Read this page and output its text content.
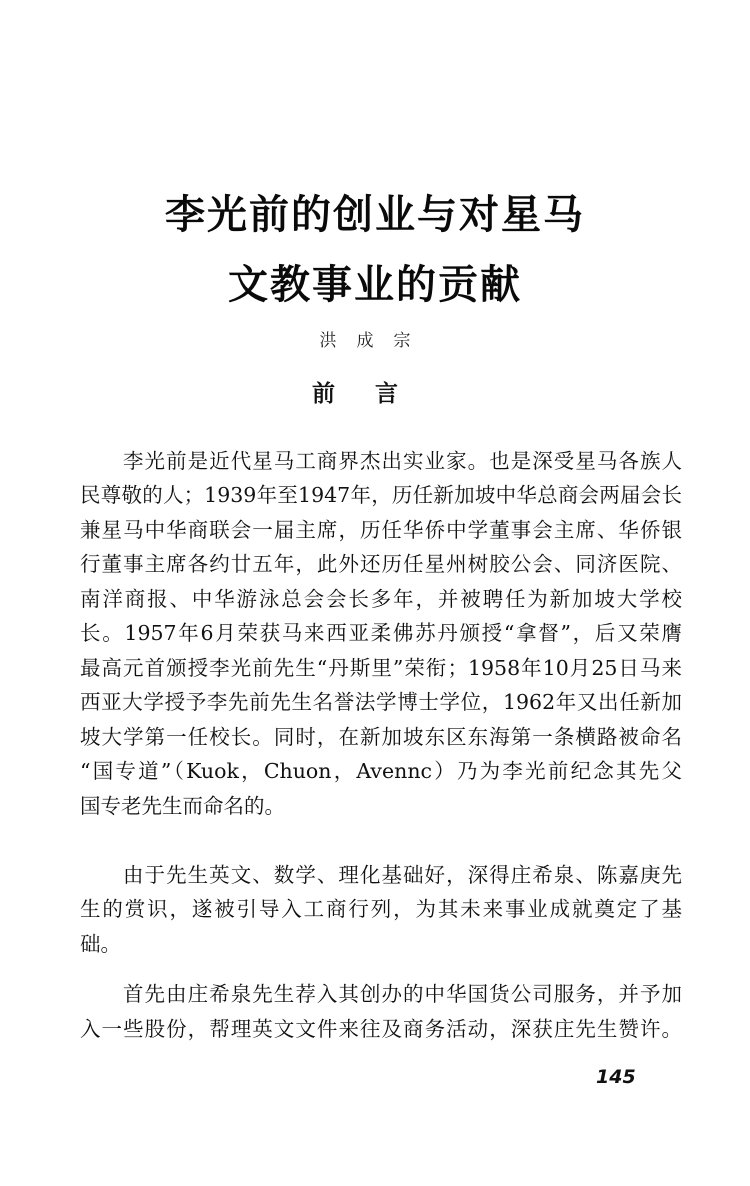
李光前的创业与对星马
文教事业的贡献
洪成宗
前言
李光前是近代星马工商界杰出实业家。也是深受星马各族人
民尊敬的人；1939年至1947年，历任新加坡中华总商会两届会长
兼星马中华商联会一届主席，历任华侨中学董事会主席、华侨银
行董事主席各约廿五年，此外还历任星州树胶公会、同济医院、
南洋商报、中华游泳总会会长多年，并被聘任为新加坡大学校
长。1957年6月荣获马来西亚柔佛苏丹颁授“拿督”，后又荣膺
最高元首颁授李光前先生“丹斯里”荣衔；1958年10月25日马来
西亚大学授予李先前先生名誉法学博士学位，1962年又出任新加
坡大学第一任校长。同时，在新加坡东区东海第一条横路被命名
“国专道”（Kuok，Chuon，Avennc）乃为李光前纪念其先父
国专老先生而命名的。
由于先生英文、数学、理化基础好，深得庄希泉、陈嘉庚先
生的赏识，遂被引导入工商行列，为其未来事业成就奠定了基
础。
首先由庄希泉先生荐入其创办的中华国货公司服务，并予加
入一些股份，帮理英文文件来往及商务活动，深获庄先生赞许。
145
